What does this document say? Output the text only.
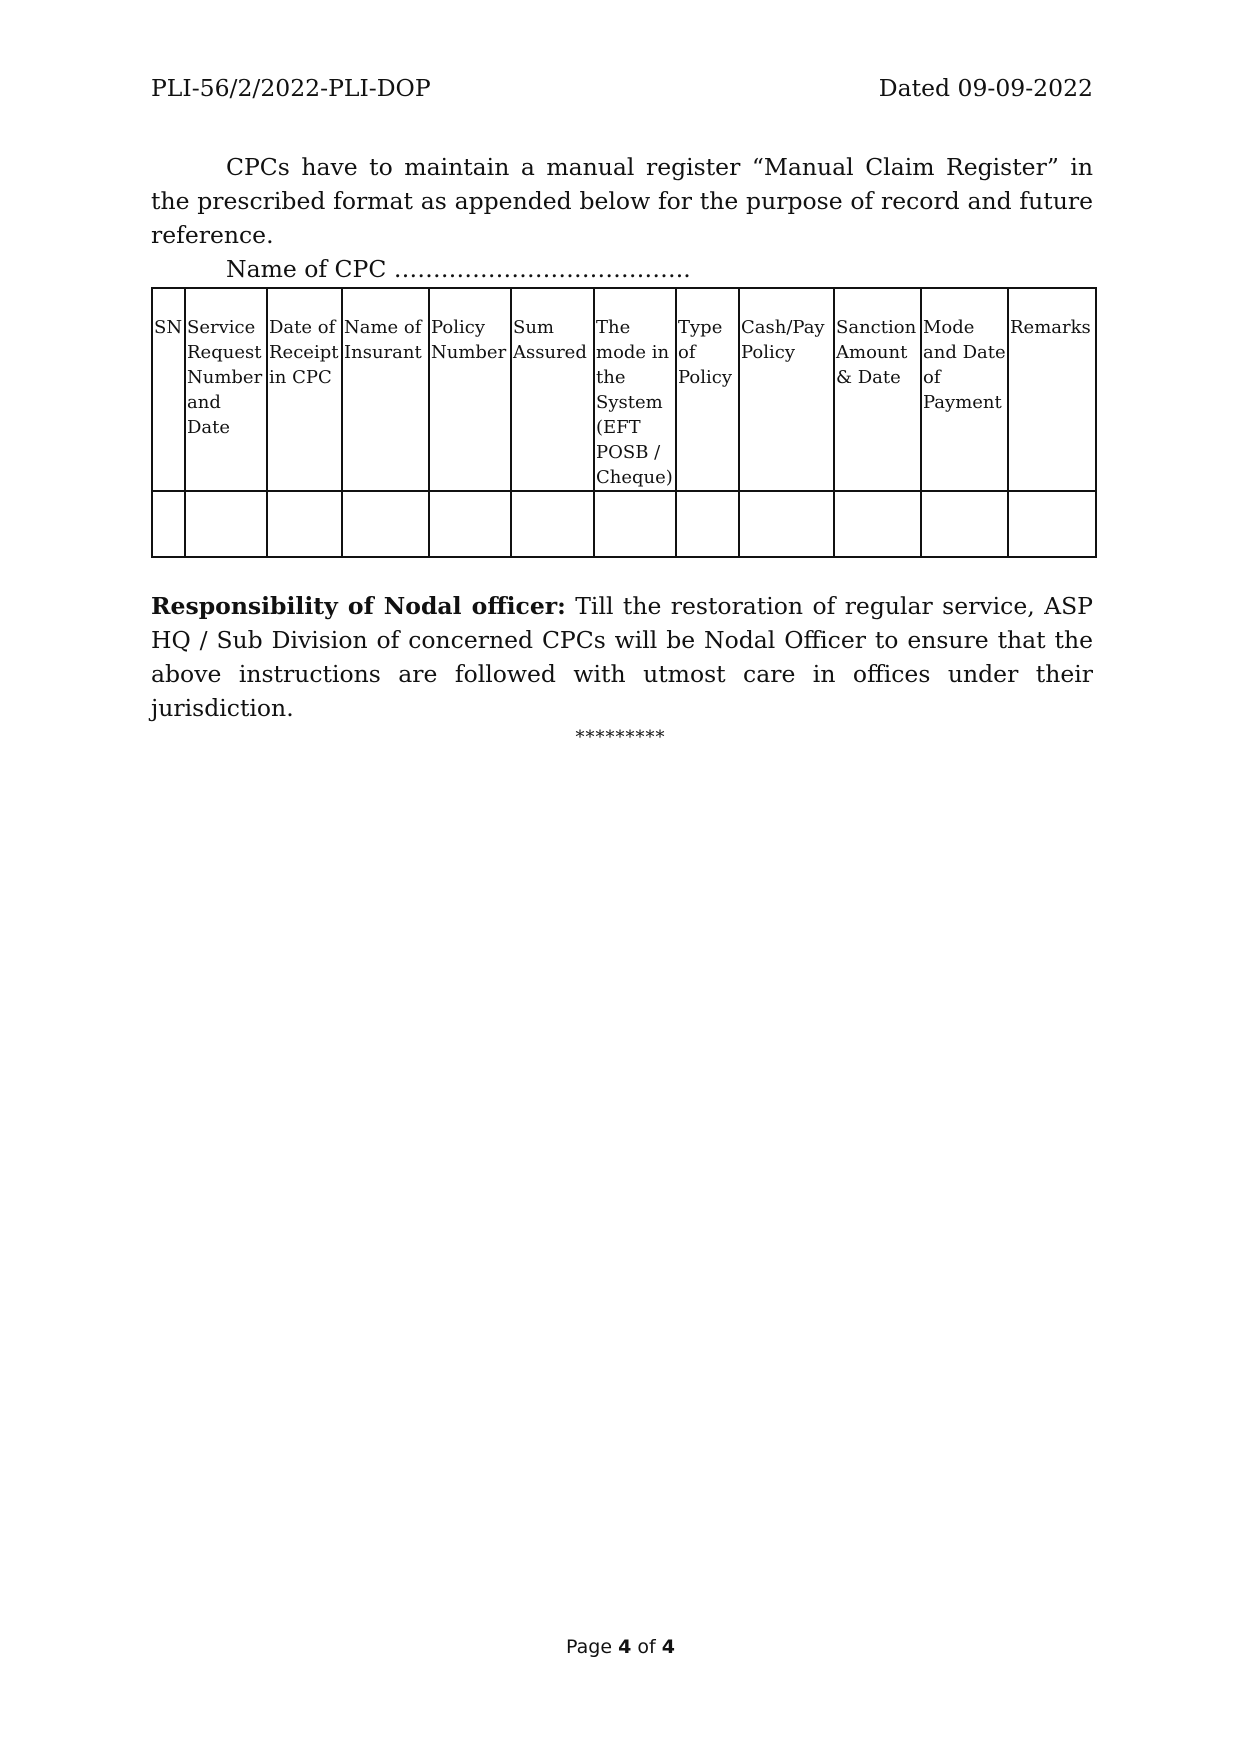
PLI-56/2/2022-PLI-DOP	Dated 09-09-2022
CPCs have to maintain a manual register “Manual Claim Register” in the prescribed format as appended below for the purpose of record and future reference.
Name of CPC ………………………………..
SN	Service Request Number and Date	Date of Receipt in CPC	Name of Insurant	Policy Number	Sum Assured	The mode in the System (EFT POSB / Cheque)	Type of Policy	Cash/Pay Policy	Sanction Amount & Date	Mode and Date of Payment	Remarks

Responsibility of Nodal officer: Till the restoration of regular service, ASP HQ / Sub Division of concerned CPCs will be Nodal Officer to ensure that the above instructions are followed with utmost care in offices under their jurisdiction.
*********
Page 4 of 4
